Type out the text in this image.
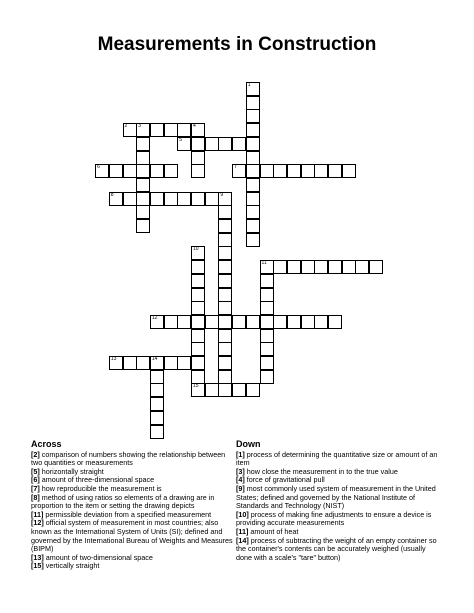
Measurements in Construction
1
2 3	4
5
6	7
8	9
10
15
11
12
13	14
Across

[2] comparison of numbers showing the relationship between two quantities or measurements

[5] horizontally straight

[6] amount of three-dimensional space

[7] how reproducible the measurement is

[8] method of using ratios so elements of a drawing are in proportion to the item or setting the drawing depicts

[11] permissible deviation from a specified measurement

[12] official system of measurement in most countries; also known as the International System of Units (SI); defined and governed by the International Bureau of Weights and Measures (BIPM)

[13] amount of two-dimensional space

[15] vertically straight

Down

[1] process of determining the quantitative size or amount of an item

[3] how close the measurement in to the true value

[4] force of gravitational pull

[9] most commonly used system of measurement in the United States; defined and governed by the National Institute of Standards and Technology (NIST)

[10] process of making fine adjustments to ensure a device is providing accurate measurements

[11] amount of heat

[14] process of subtracting the weight of an empty container so the container's contents can be accurately weighed (usually done with a scale's "tare" button)
